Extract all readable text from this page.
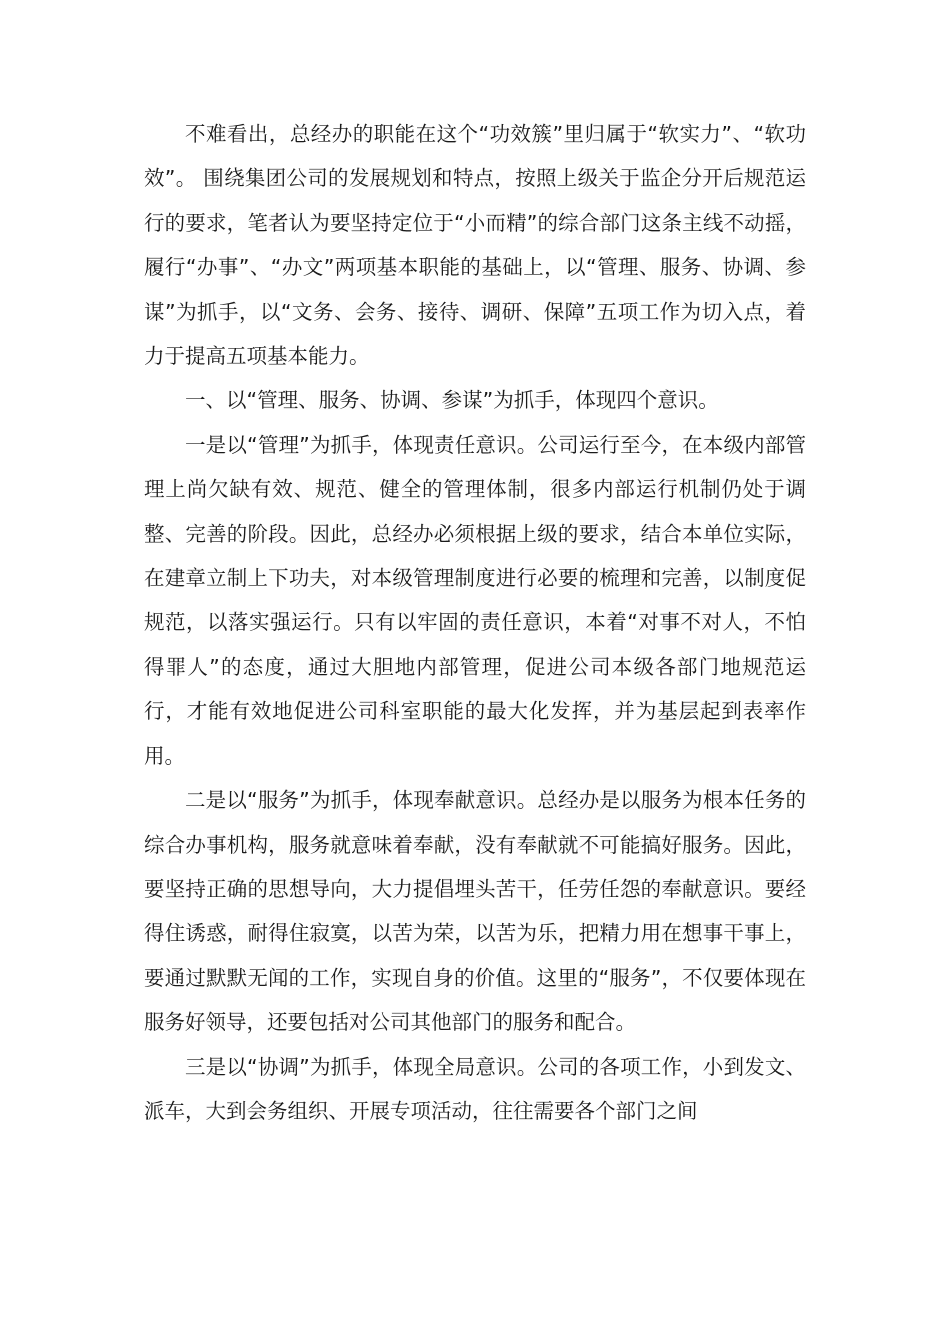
不难看出，总经办的职能在这个“功效簇”里归属于“软实力”、“软功效”。 围绕集团公司的发展规划和特点，按照上级关于监企分开后规范运行的要求，笔者认为要坚持定位于“小而精”的综合部门这条主线不动摇，履行“办事”、“办文”两项基本职能的基础上，以“管理、服务、协调、参谋”为抓手，以“文务、会务、接待、调研、保障”五项工作为切入点，着力于提高五项基本能力。

一、以“管理、服务、协调、参谋”为抓手，体现四个意识。

一是以“管理”为抓手，体现责任意识。公司运行至今，在本级内部管理上尚欠缺有效、规范、健全的管理体制，很多内部运行机制仍处于调整、完善的阶段。因此，总经办必须根据上级的要求，结合本单位实际，在建章立制上下功夫，对本级管理制度进行必要的梳理和完善，以制度促规范，以落实强运行。只有以牢固的责任意识，本着“对事不对人，不怕得罪人”的态度，通过大胆地内部管理，促进公司本级各部门地规范运行，才能有效地促进公司科室职能的最大化发挥，并为基层起到表率作用。

二是以“服务”为抓手，体现奉献意识。总经办是以服务为根本任务的综合办事机构，服务就意味着奉献，没有奉献就不可能搞好服务。因此，要坚持正确的思想导向，大力提倡埋头苦干，任劳任怨的奉献意识。要经得住诱惑，耐得住寂寞，以苦为荣，以苦为乐，把精力用在想事干事上，要通过默默无闻的工作，实现自身的价值。这里的“服务”，不仅要体现在服务好领导，还要包括对公司其他部门的服务和配合。

三是以“协调”为抓手，体现全局意识。公司的各项工作，小到发文、派车，大到会务组织、开展专项活动，往往需要各个部门之间
